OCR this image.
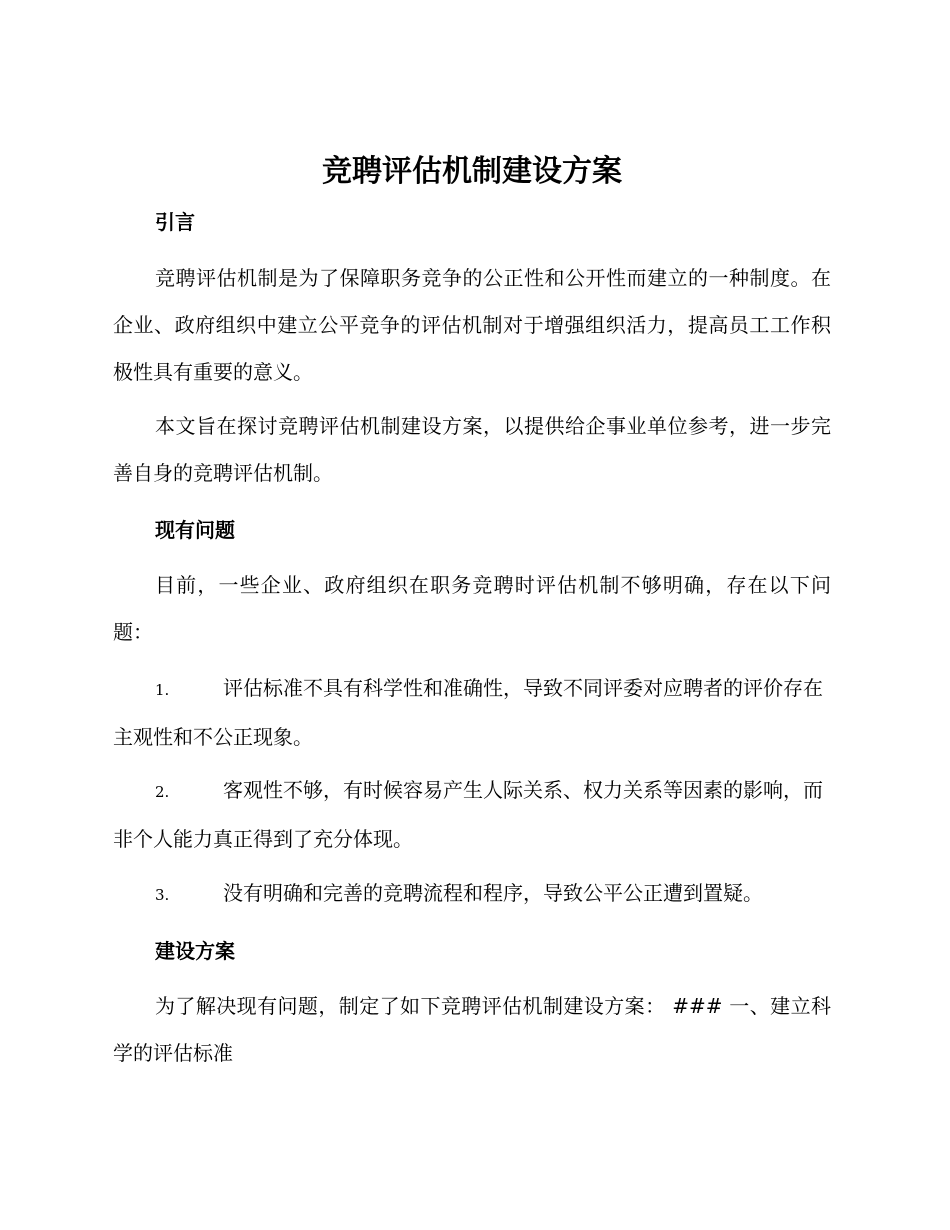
竞聘评估机制建设方案
引言

竞聘评估机制是为了保障职务竞争的公正性和公开性而建立的一种制度。在企业、政府组织中建立公平竞争的评估机制对于增强组织活力，提高员工工作积极性具有重要的意义。

本文旨在探讨竞聘评估机制建设方案，以提供给企事业单位参考，进一步完善自身的竞聘评估机制。

现有问题

目前，一些企业、政府组织在职务竞聘时评估机制不够明确，存在以下问题：

1.	评估标准不具有科学性和准确性，导致不同评委对应聘者的评价存在主观性和不公正现象。

2.	客观性不够，有时候容易产生人际关系、权力关系等因素的影响，而非个人能力真正得到了充分体现。

3.	没有明确和完善的竞聘流程和程序，导致公平公正遭到置疑。

建设方案

为了解决现有问题，制定了如下竞聘评估机制建设方案： ### 一、建立科学的评估标准
